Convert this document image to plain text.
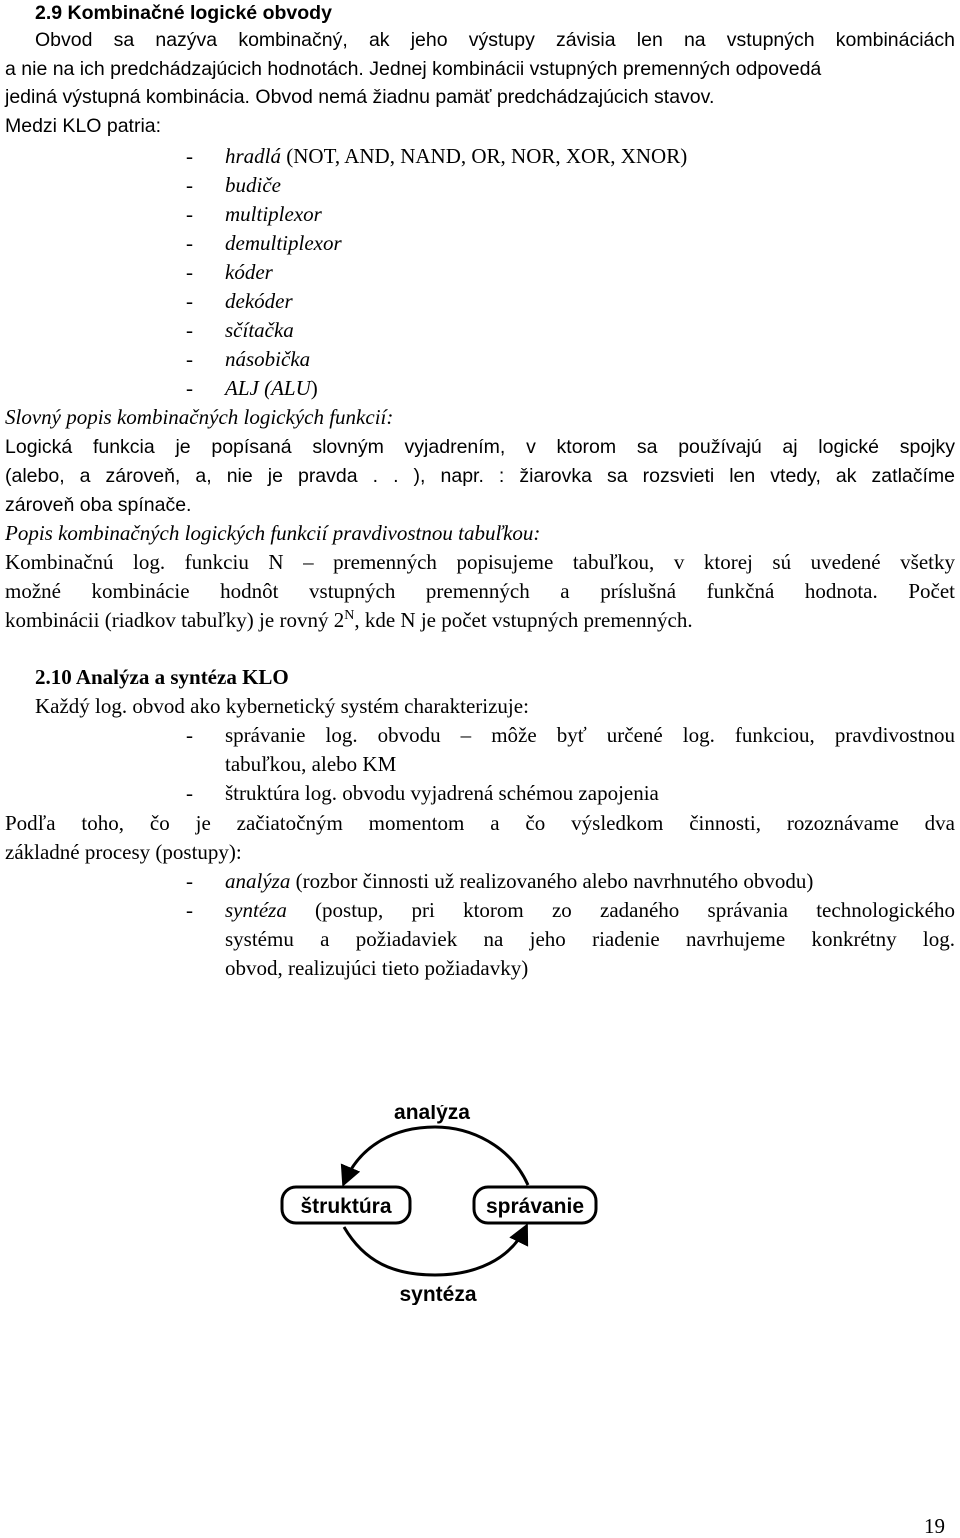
2.9 Kombinačné logické obvody
Obvod sa nazýva kombinačný, ak jeho výstupy závisia len na vstupných kombináciách
a nie na ich predchádzajúcich hodnotách. Jednej kombinácii vstupných premenných odpovedá
jediná výstupná kombinácia. Obvod nemá žiadnu pamäť predchádzajúcich stavov.
Medzi KLO patria:
- hradlá (NOT, AND, NAND, OR, NOR, XOR, XNOR)
- budiče
- multiplexor
- demultiplexor
- kóder
- dekóder
- sčítačka
- násobička
- ALJ (ALU)
Slovný popis kombinačných logických funkcií:
Logická funkcia je popísaná slovným vyjadrením, v ktorom sa používajú aj logické spojky
(alebo, a zároveň, a, nie je pravda . . ), napr. : žiarovka sa rozsvieti len vtedy, ak zatlačíme
zároveň oba spínače.
Popis kombinačných logických funkcií pravdivostnou tabuľkou:
Kombinačnú log. funkciu N – premenných popisujeme tabuľkou, v ktorej sú uvedené všetky
možné kombinácie hodnôt vstupných premenných a príslušná funkčná hodnota. Počet
kombinácii (riadkov tabuľky) je rovný $2^N$, kde N je počet vstupných premenných.
2.10 Analýza a syntéza KLO
Každý log. obvod ako kybernetický systém charakterizuje:
- správanie log. obvodu – môže byť určené log. funkciou, pravdivostnou
tabuľkou, alebo KM
- štruktúra log. obvodu vyjadrená schémou zapojenia
Podľa toho, čo je začiatočným momentom a čo výsledkom činnosti, rozoznávame dva
základné procesy (postupy):
- analýza (rozbor činnosti už realizovaného alebo navrhnutého obvodu)
- syntéza (postup, pri ktorom zo zadaného správania technologického
systému a požiadaviek na jeho riadenie navrhujeme konkrétny log.
obvod, realizujúci tieto požiadavky)
analýza
štruktúra	správanie
syntéza
19
